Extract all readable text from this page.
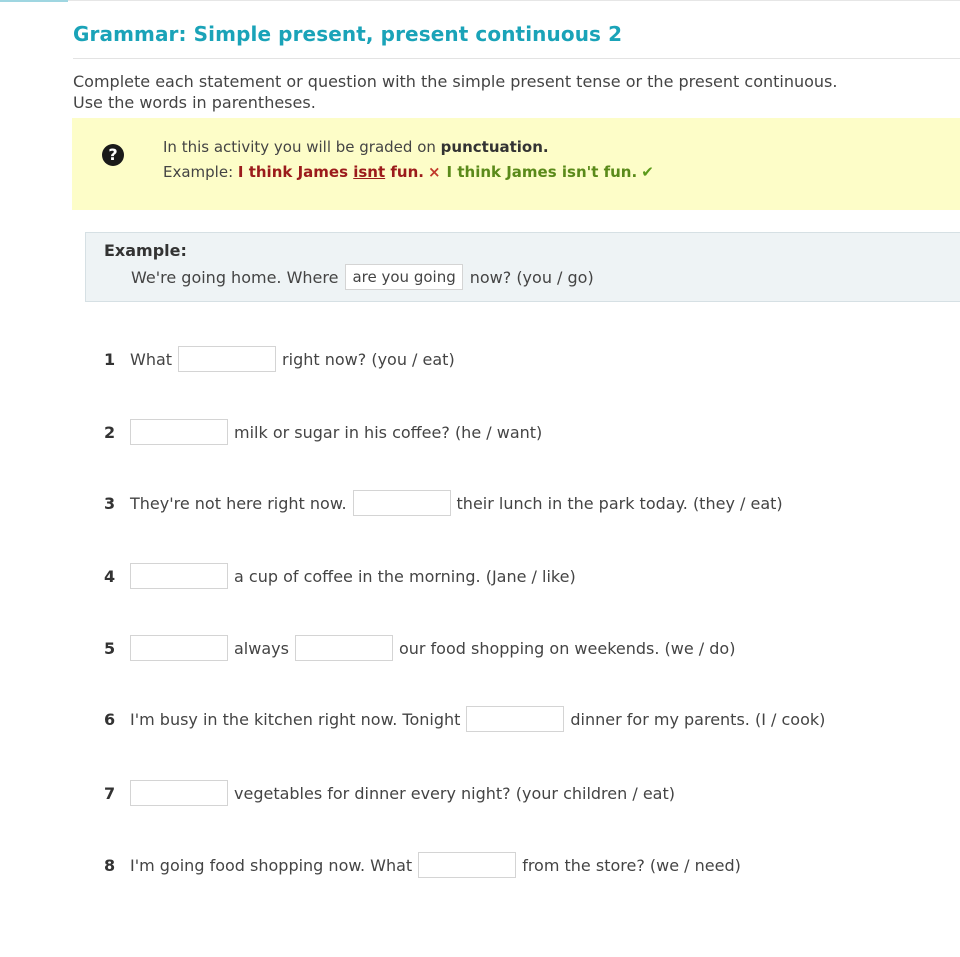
Grammar: Simple present, present continuous 2
Complete each statement or question with the simple present tense or the present continuous. Use the words in parentheses.
?	In this activity you will be graded on punctuation.
Example: I think James isnt fun. × I think James isn't fun. ✔
Example:
We're going home. Where are you going now? (you / go)
1 What	right now? (you / eat)
2	milk or sugar in his coffee? (he / want)
3 They're not here right now.	their lunch in the park today. (they / eat)
4	a cup of coffee in the morning. (Jane / like)
5	always	our food shopping on weekends. (we / do)
6 I'm busy in the kitchen right now. Tonight	dinner for my parents. (I / cook)
7	vegetables for dinner every night? (your children / eat)
8 I'm going food shopping now. What	from the store? (we / need)
